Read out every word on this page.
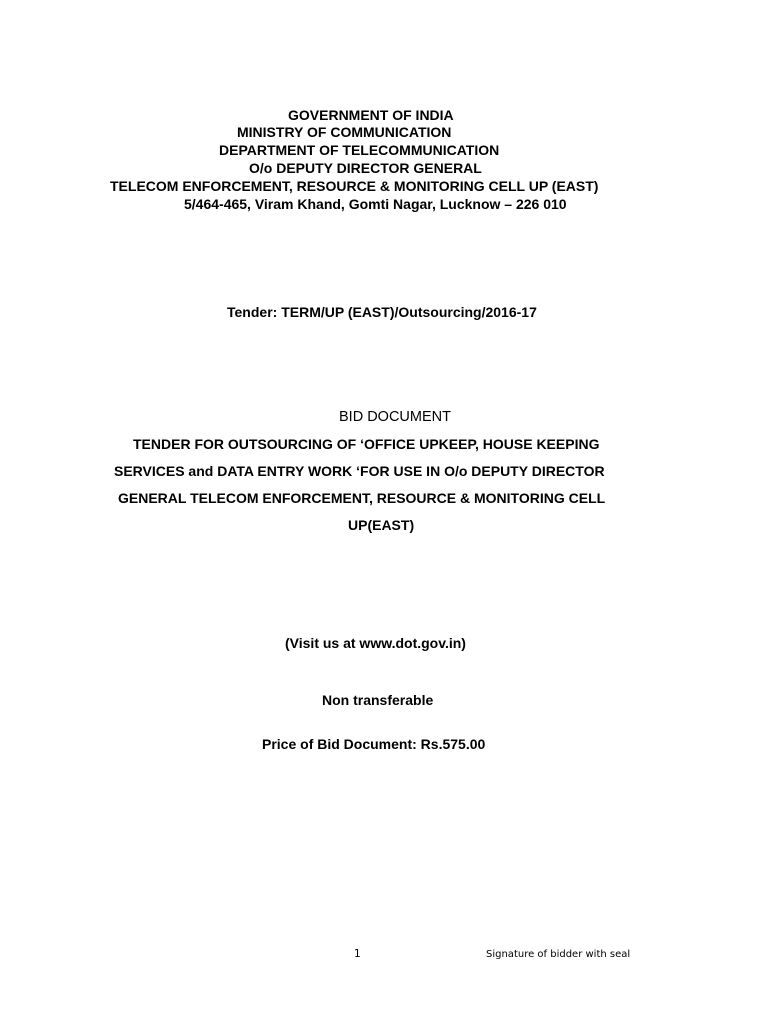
GOVERNMENT OF INDIA
MINISTRY OF COMMUNICATION
DEPARTMENT OF TELECOMMUNICATION
O/o DEPUTY DIRECTOR GENERAL
TELECOM ENFORCEMENT, RESOURCE & MONITORING CELL UP (EAST)
5/464-465, Viram Khand, Gomti Nagar, Lucknow – 226 010
Tender: TERM/UP (EAST)/Outsourcing/2016-17
BID DOCUMENT
TENDER FOR OUTSOURCING OF ‘OFFICE UPKEEP, HOUSE KEEPING
SERVICES and DATA ENTRY WORK ‘FOR USE IN O/o DEPUTY DIRECTOR
GENERAL TELECOM ENFORCEMENT, RESOURCE & MONITORING CELL
UP(EAST)
(Visit us at www.dot.gov.in)
Non transferable
Price of Bid Document: Rs.575.00
1	Signature of bidder with seal
